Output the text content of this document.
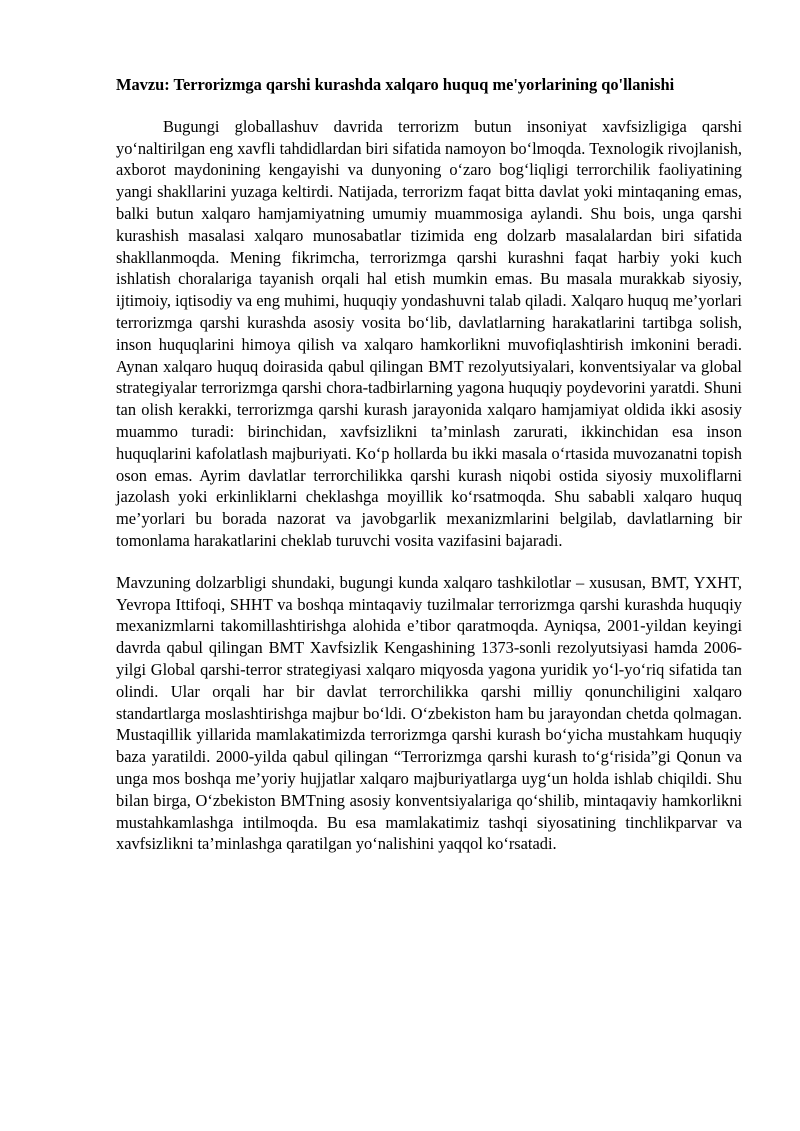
Mavzu: Terrorizmga qarshi kurashda xalqaro huquq me'yorlarining qo'llanishi

Bugungi globallashuv davrida terrorizm butun insoniyat xavfsizligiga qarshi yo‘naltirilgan eng xavfli tahdidlardan biri sifatida namoyon bo‘lmoqda. Texnologik rivojlanish, axborot maydonining kengayishi va dunyoning o‘zaro bog‘liqligi terrorchilik faoliyatining yangi shakllarini yuzaga keltirdi. Natijada, terrorizm faqat bitta davlat yoki mintaqaning emas, balki butun xalqaro hamjamiyatning umumiy muammosiga aylandi. Shu bois, unga qarshi kurashish masalasi xalqaro munosabatlar tizimida eng dolzarb masalalardan biri sifatida shakllanmoqda. Mening fikrimcha, terrorizmga qarshi kurashni faqat harbiy yoki kuch ishlatish choralariga tayanish orqali hal etish mumkin emas. Bu masala murakkab siyosiy, ijtimoiy, iqtisodiy va eng muhimi, huquqiy yondashuvni talab qiladi. Xalqaro huquq me’yorlari terrorizmga qarshi kurashda asosiy vosita bo‘lib, davlatlarning harakatlarini tartibga solish, inson huquqlarini himoya qilish va xalqaro hamkorlikni muvofiqlashtirish imkonini beradi. Aynan xalqaro huquq doirasida qabul qilingan BMT rezolyutsiyalari, konventsiyalar va global strategiyalar terrorizmga qarshi chora-tadbirlarning yagona huquqiy poydevorini yaratdi. Shuni tan olish kerakki, terrorizmga qarshi kurash jarayonida xalqaro hamjamiyat oldida ikki asosiy muammo turadi: birinchidan, xavfsizlikni ta’minlash zarurati, ikkinchidan esa inson huquqlarini kafolatlash majburiyati. Ko‘p hollarda bu ikki masala o‘rtasida muvozanatni topish oson emas. Ayrim davlatlar terrorchilikka qarshi kurash niqobi ostida siyosiy muxoliflarni jazolash yoki erkinliklarni cheklashga moyillik ko‘rsatmoqda. Shu sababli xalqaro huquq me’yorlari bu borada nazorat va javobgarlik mexanizmlarini belgilab, davlatlarning bir tomonlama harakatlarini cheklab turuvchi vosita vazifasini bajaradi.

Mavzuning dolzarbligi shundaki, bugungi kunda xalqaro tashkilotlar – xususan, BMT, YXHT, Yevropa Ittifoqi, SHHT va boshqa mintaqaviy tuzilmalar terrorizmga qarshi kurashda huquqiy mexanizmlarni takomillashtirishga alohida e’tibor qaratmoqda. Ayniqsa, 2001-yildan keyingi davrda qabul qilingan BMT Xavfsizlik Kengashining 1373-sonli rezolyutsiyasi hamda 2006-yilgi Global qarshi-terror strategiyasi xalqaro miqyosda yagona yuridik yo‘l-yo‘riq sifatida tan olindi. Ular orqali har bir davlat terrorchilikka qarshi milliy qonunchiligini xalqaro standartlarga moslashtirishga majbur bo‘ldi. O‘zbekiston ham bu jarayondan chetda qolmagan. Mustaqillik yillarida mamlakatimizda terrorizmga qarshi kurash bo‘yicha mustahkam huquqiy baza yaratildi. 2000-yilda qabul qilingan “Terrorizmga qarshi kurash to‘g‘risida”gi Qonun va unga mos boshqa me’yoriy hujjatlar xalqaro majburiyatlarga uyg‘un holda ishlab chiqildi. Shu bilan birga, O‘zbekiston BMTning asosiy konventsiyalariga qo‘shilib, mintaqaviy hamkorlikni mustahkamlashga intilmoqda. Bu esa mamlakatimiz tashqi siyosatining tinchlikparvar va xavfsizlikni ta’minlashga qaratilgan yo‘nalishini yaqqol ko‘rsatadi.
